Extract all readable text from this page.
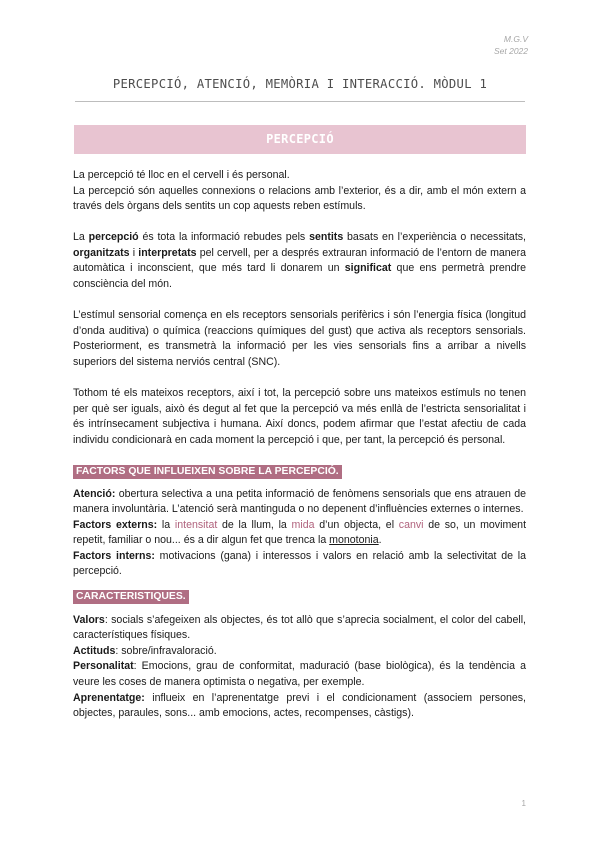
M.G.V
Set 2022
PERCEPCIÓ, ATENCIÓ, MEMÒRIA I INTERACCIÓ. MÒDUL 1
PERCEPCIÓ

La percepció té lloc en el cervell i és personal.
La percepció són aquelles connexions o relacions amb l’exterior, és a dir, amb el món extern a través dels òrgans dels sentits un cop aquests reben estímuls.

La percepció és tota la informació rebudes pels sentits basats en l’experiència o necessitats, organitzats i interpretats pel cervell, per a després extrauran informació de l’entorn de manera automàtica i inconscient, que més tard li donarem un significat que ens permetrà prendre consciència del món.

L’estímul sensorial comença en els receptors sensorials perifèrics i són l’energia física (longitud d’onda auditiva) o química (reaccions químiques del gust) que activa als receptors sensorials. Posteriorment, es transmetrà la informació per les vies sensorials fins a arribar a nivells superiors del sistema nerviós central (SNC).

Tothom té els mateixos receptors, així i tot, la percepció sobre uns mateixos estímuls no tenen per què ser iguals, això és degut al fet que la percepció va més enllà de l’estricta sensorialitat i és intrínsecament subjectiva i humana. Així doncs, podem afirmar que l’estat afectiu de cada individu condicionarà en cada moment la percepció i que, per tant, la percepció és personal.

FACTORS QUE INFLUEIXEN SOBRE LA PERCEPCIÓ.

Atenció: obertura selectiva a una petita informació de fenòmens sensorials que ens atrauen de manera involuntària. L’atenció serà mantinguda o no depenent d’influències externes o internes.

Factors externs: la intensitat de la llum, la mida d’un objecta, el canvi de so, un moviment repetit, familiar o nou... és a dir algun fet que trenca la monotonia.

Factors interns: motivacions (gana) i interessos i valors en relació amb la selectivitat de la percepció.

CARACTERISTIQUES.

Valors: socials s’afegeixen als objectes, és tot allò que s’aprecia socialment, el color del cabell, característiques físiques.

Actituds: sobre/infravaloració.

Personalitat: Emocions, grau de conformitat, maduració (base biològica), és la tendència a veure les coses de manera optimista o negativa, per exemple.

Aprenentatge: influeix en l’aprenentatge previ i el condicionament (associem persones, objectes, paraules, sons... amb emocions, actes, recompenses, càstigs).

1
